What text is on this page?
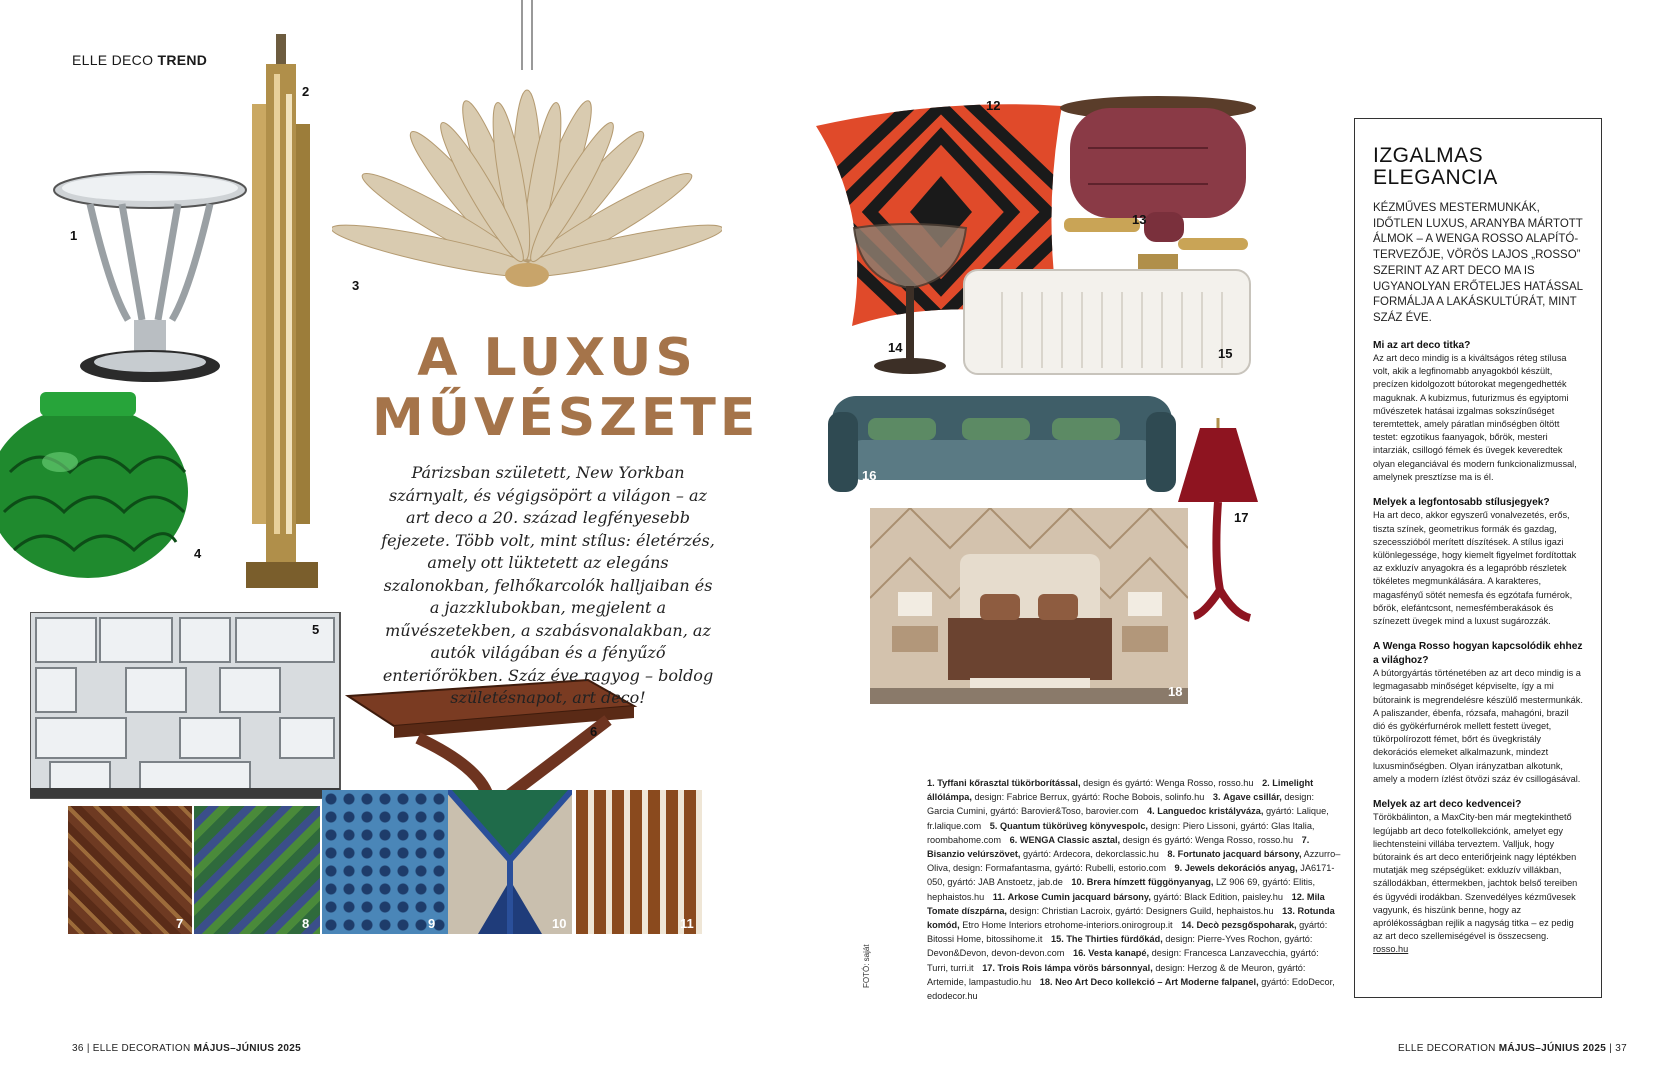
ELLE DECO TREND
1
2
3
4
5
6
7	8	9	10	11
A LUXUS
MŰVÉSZETE
Párizsban született, New Yorkban szárnyalt, és végigsöpört a világon – az art deco a 20. század legfényesebb fejezete. Több volt, mint stílus: életérzés, amely ott lüktetett az elegáns szalonokban, felhőkarcolók halljaiban és a jazzklubokban, megjelent a művészetekben, a szabásvonalakban, az autók világában és a fényűző enteriőrökben. Száz éve ragyog – boldog születésnapot, art deco!
12
13
14	15
16
17
18
1. Tyffani kőrasztal tükörborítással, design és gyártó: Wenga Rosso, rosso.hu 2. Limelight állólámpa, design: Fabrice Berrux, gyártó: Roche Bobois, solinfo.hu 3. Agave csillár, design: Garcia Cumini, gyártó: Barovier&Toso, barovier.com 4. Languedoc kristályváza, gyártó: Lalique, fr.lalique.com 5. Quantum tükörüveg könyvespolc, design: Piero Lissoni, gyártó: Glas Italia, roombahome.com 6. WENGA Classic asztal, design és gyártó: Wenga Rosso, rosso.hu 7. Bisanzio velúrszövet, gyártó: Ardecora, dekorclassic.hu 8. Fortunato jacquard bársony, Azzurro–Oliva, design: Formafantasma, gyártó: Rubelli, estorio.com 9. Jewels dekorációs anyag, JA6171-050, gyártó: JAB Anstoetz, jab.de 10. Brera hímzett függönyanyag, LZ 906 69, gyártó: Elitis, hephaistos.hu 11. Arkose Cumin jacquard bársony, gyártó: Black Edition, paisley.hu 12. Mila Tomate díszpárna, design: Christian Lacroix, gyártó: Designers Guild, hephaistos.hu 13. Rotunda komód, Etro Home Interiors etrohome-interiors.onirogroup.it 14. Decò pezsgőspoharak, gyártó: Bitossi Home, bitossihome.it 15. The Thirties fürdőkád, design: Pierre-Yves Rochon, gyártó: Devon&Devon, devon-devon.com 16. Vesta kanapé, design: Francesca Lanzavecchia, gyártó: Turri, turri.it 17. Trois Rois lámpa vörös bársonnyal, design: Herzog & de Meuron, gyártó: Artemide, lampastudio.hu 18. Neo Art Deco kollekció – Art Moderne falpanel, gyártó: EdoDecor, edodecor.hu
FOTÓ: saját
IZGALMAS
ELEGANCIA
KÉZMŰVES MESTERMUNKÁK, IDŐTLEN LUXUS, ARANYBA MÁRTOTT ÁLMOK – A WENGA ROSSO ALAPÍTÓ-TERVEZŐJE, VÖRÖS LAJOS „ROSSO” SZERINT AZ ART DECO MA IS UGYANOLYAN ERŐTELJES HATÁSSAL FORMÁLJA A LAKÁSKULTÚRÁT, MINT SZÁZ ÉVE.
Mi az art deco titka?
Az art deco mindig is a kiváltságos réteg stílusa volt, akik a legfinomabb anyagokból készült, precízen kidolgozott bútorokat megengedhették maguknak. A kubizmus, futurizmus és egyiptomi művészetek hatásai izgalmas sokszínűséget teremtettek, amely páratlan minőségben öltött testet: egzotikus faanyagok, bőrök, mesteri intarziák, csillogó fémek és üvegek keveredtek olyan eleganciával és modern funkcionalizmussal, amelynek presztízse ma is él.
Melyek a legfontosabb stílusjegyek?
Ha art deco, akkor egyszerű vonalvezetés, erős, tiszta színek, geometrikus formák és gazdag, szecesszióból merített díszítések. A stílus igazi különlegessége, hogy kiemelt figyelmet fordítottak az exkluzív anyagokra és a legapróbb részletek tökéletes megmunkálására. A karakteres, magasfényű sötét nemesfa és egzótafa furnérok, bőrök, elefántcsont, nemesfémberakások és színezett üvegek mind a luxust sugározzák.
A Wenga Rosso hogyan kapcsolódik ehhez a világhoz?
A bútorgyártás történetében az art deco mindig is a legmagasabb minőséget képviselte, így a mi bútoraink is megrendelésre készülő mestermunkák. A paliszander, ébenfa, rózsafa, mahagóni, brazil dió és gyökérfurnérok mellett festett üveget, tükörpolírozott fémet, bőrt és üvegkristály dekorációs elemeket alkalmazunk, mindezt luxusminőségben. Olyan irányzatban alkotunk, amely a modern ízlést ötvözi száz év csillogásával.
Melyek az art deco kedvencei?
Törökbálinton, a MaxCity-ben már megtekinthető legújabb art deco fotelkollekciónk, amelyet egy liechtensteini villába terveztem. Valljuk, hogy bútoraink és art deco enteriőrjeink nagy léptékben mutatják meg szépségüket: exkluzív villákban, szállodákban, éttermekben, jachtok belső tereiben és ügyvédi irodákban. Szenvedélyes kézművesek vagyunk, és hiszünk benne, hogy az aprólékosságban rejlik a nagyság titka – ez pedig az art deco szellemiségével is összecseng. rosso.hu
36 | ELLE DECORATION MÁJUS–JÚNIUS 2025	ELLE DECORATION MÁJUS–JÚNIUS 2025 | 37
